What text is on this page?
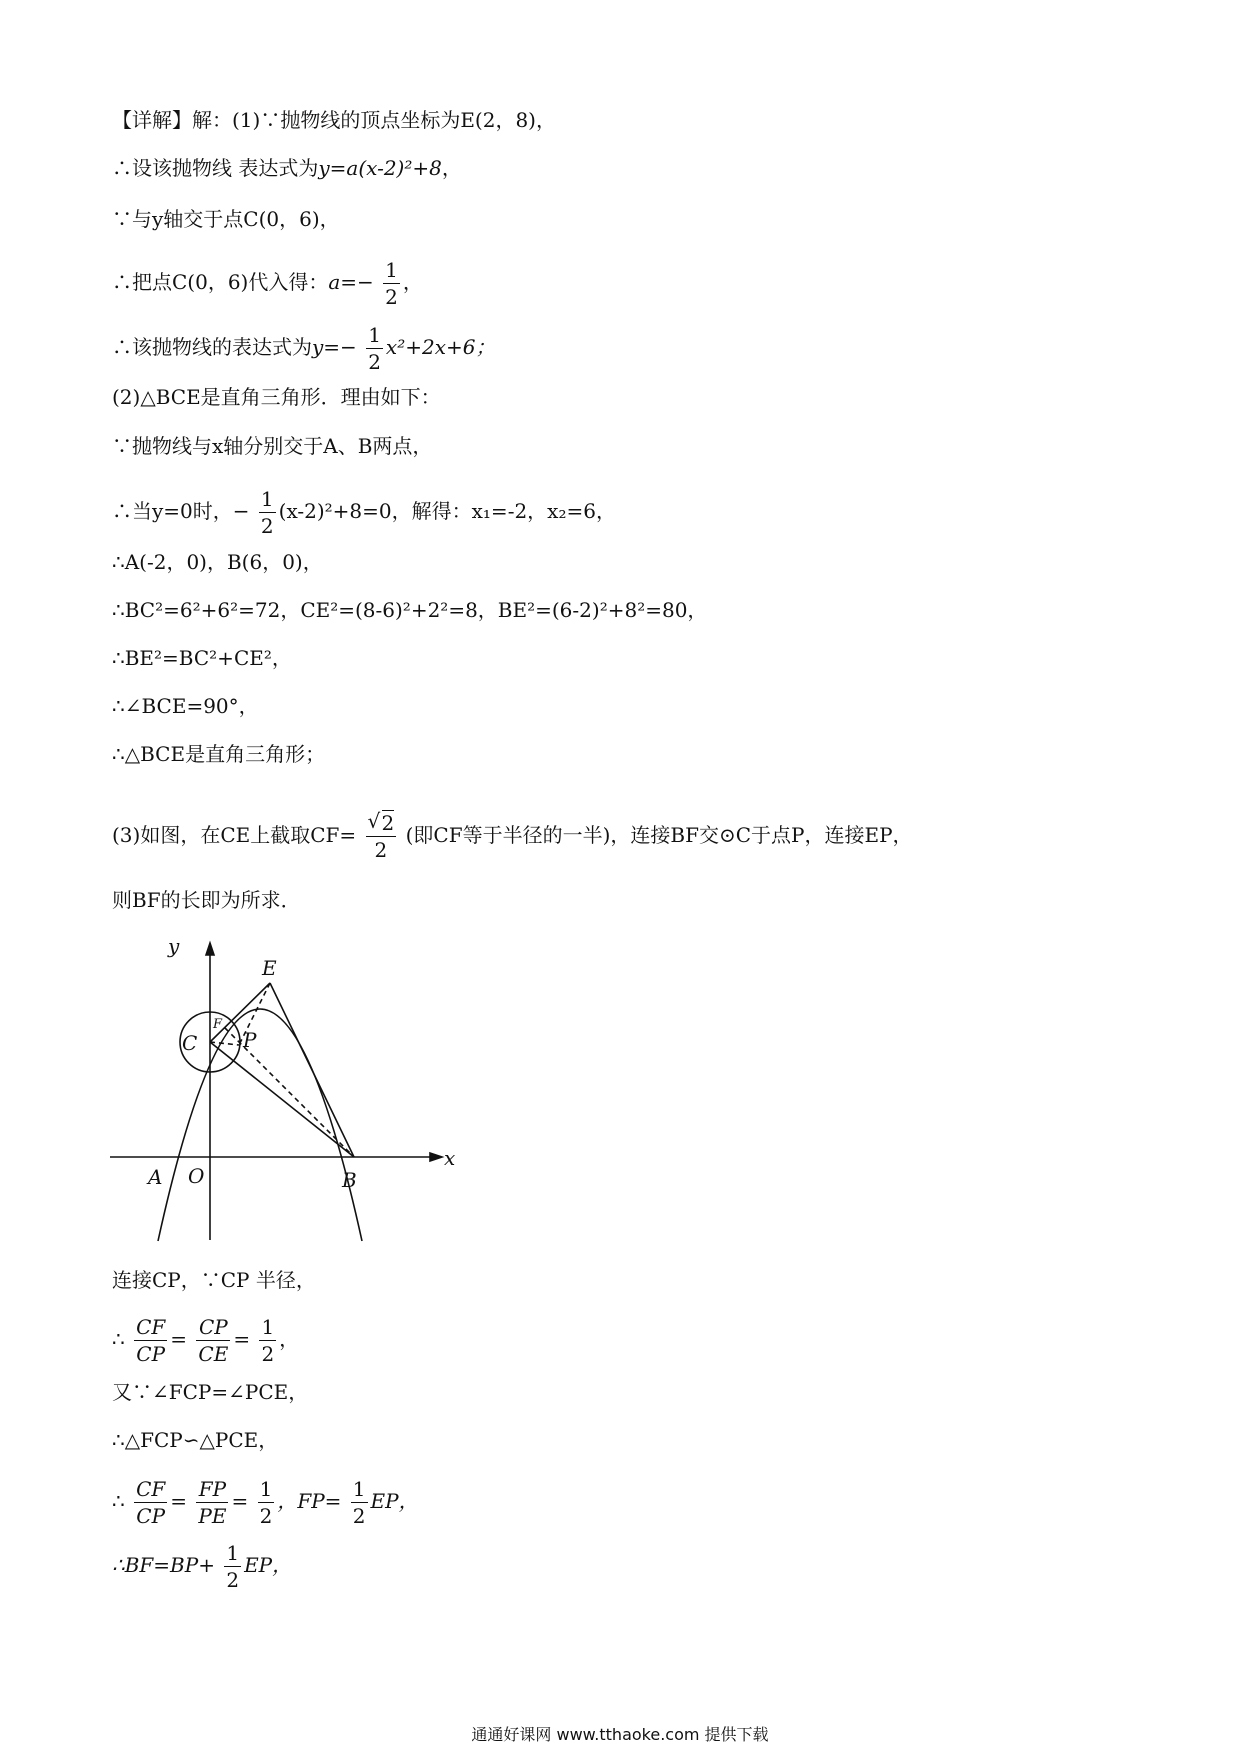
【详解】解：(1)∵抛物线的顶点坐标为E(2，8)，
∴设该抛物线 表达式为y=a(x-2)²+8，
∵与y轴交于点C(0，6)，
∴把点C(0，6)代入得：$a=- \frac{1}{2}$ ，
∴该抛物线的表达式为$y=- \frac{1}{2} x^2+2x+6$；
(2)△BCE是直角三角形．理由如下：
∵抛物线与x轴分别交于A、B两点，
∴当y=0时，− $\frac{1}{2} (x-2)^2+8=0$，解得：x₁=-2，x₂=6，
∴A(-2，0)，B(6，0)，
∴BC²=6²+6²=72，CE²=(8-6)²+2²=8，BE²=(6-2)²+8²=80，
∴BE²=BC²+CE²，
∴∠BCE=90°，
∴△BCE是直角三角形；
(3)如图，在CE上截取CF=
√ $\frac{2}{2}$ (即CF等于半径的一半)，连接BF交⊙C于点P，连接EP，
则BF的长即为所求．
y
x
E
F
C P
A O	B
连接CP，∵CP 半径，
∴ $\frac{CF}{CP} = \frac{CP}{CE} = \frac{1}{2}$ ，
又∵∠FCP=∠PCE，
∴△FCP∽△PCE，
∴ $\frac{CF}{CP} = \frac{FP}{PE} = \frac{1}{2}$ ，$FP= \frac{1}{2}$ EP，
∴BF=BP+ $\frac{1}{2}$ EP，
通通好课网 www.tthaoke.com 提供下载
